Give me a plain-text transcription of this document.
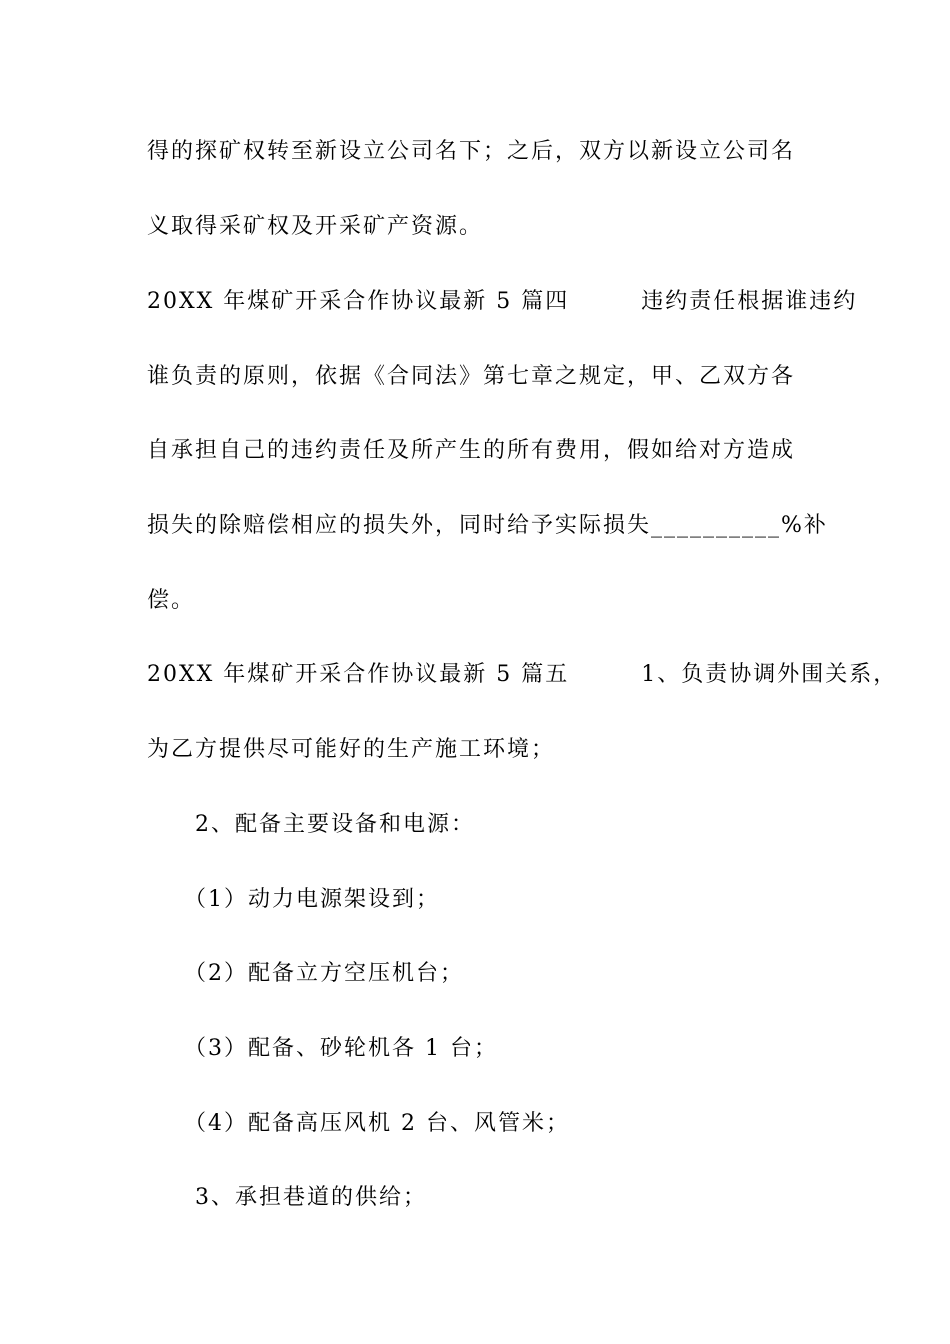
得的探矿权转至新设立公司名下；之后，双方以新设立公司名
义取得采矿权及开采矿产资源。
20XX 年煤矿开采合作协议最新 5 篇四　　　违约责任根据谁违约
谁负责的原则，依据《合同法》第七章之规定，甲、乙双方各
自承担自己的违约责任及所产生的所有费用，假如给对方造成
损失的除赔偿相应的损失外，同时给予实际损失__________%补
偿。
20XX 年煤矿开采合作协议最新 5 篇五　　　1、负责协调外围关系，
为乙方提供尽可能好的生产施工环境；
　　2、配备主要设备和电源：
　　（1）动力电源架设到；
　　（2）配备立方空压机台；
　　（3）配备、砂轮机各 1 台；
　　（4）配备高压风机 2 台、风管米；
　　3、承担巷道的供给；
